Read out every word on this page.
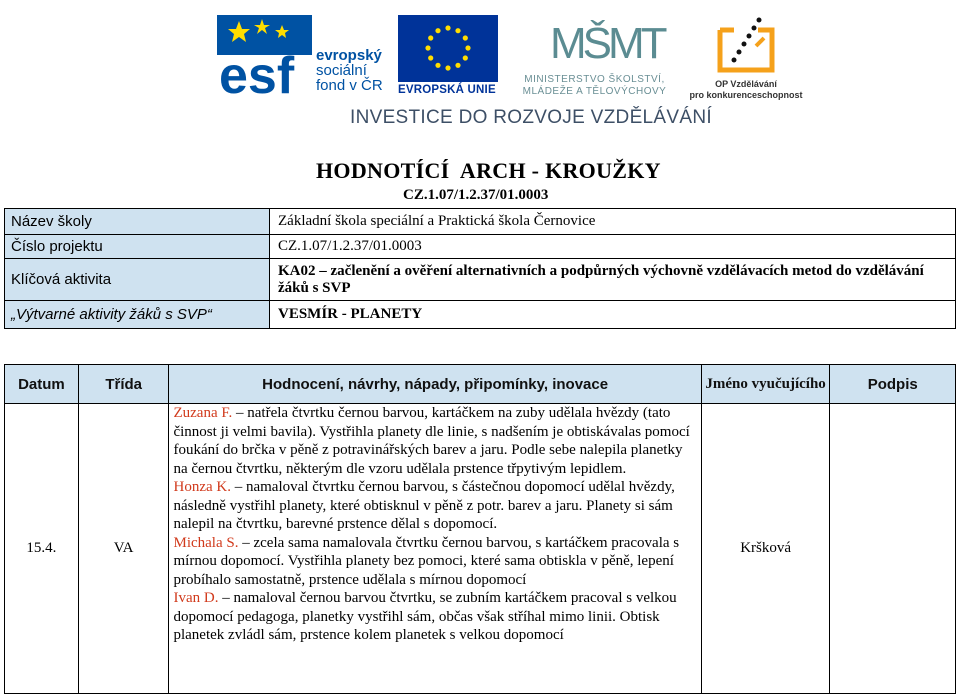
esf evropský
sociální
fond v ČR EVROPSKÁ UNIE
MŠMT
MINISTERSTVO ŠKOLSTVÍ,
MLÁDEŽE A TĚLOVÝCHOVY
OP Vzdělávání
pro konkurenceschopnost
INVESTICE DO ROZVOJE VZDĚLÁVÁNÍ
HODNOTÍCÍ  ARCH - KROUŽKY
CZ.1.07/1.2.37/01.0003
Název školy	Základní škola speciální a Praktická škola Černovice
Číslo projektu	CZ.1.07/1.2.37/01.0003
Klíčová aktivita	KA02 – začlenění a ověření alternativních a podpůrných výchovně vzdělávacích metod do vzdělávání žáků s SVP
„Výtvarné aktivity žáků s SVP“	VESMÍR - PLANETY
Datum	Třída	Hodnocení, návrhy, nápady, připomínky, inovace	Jméno vyučujícího	Podpis
15.4.	VA	Zuzana F. – natřela čtvrtku černou barvou, kartáčkem na zuby udělala hvězdy (tato činnost ji velmi bavila). Vystřihla planety dle linie, s nadšením je obtiskávalas pomocí foukání do brčka v pěně z potravinářských barev a jaru. Podle sebe nalepila planetky na černou čtvrtku, některým dle vzoru udělala prstence třpytivým lepidlem.
Honza K. – namaloval čtvrtku černou barvou, s částečnou dopomocí udělal hvězdy, následně vystřihl planety, které obtisknul v pěně z potr. barev a jaru. Planety si sám nalepil na čtvrtku, barevné prstence dělal s dopomocí.
Michala S. – zcela sama namalovala čtvrtku černou barvou, s kartáčkem pracovala s mírnou dopomocí. Vystřihla planety bez pomoci, které sama obtiskla v pěně, lepení probíhalo samostatně, prstence udělala s mírnou dopomocí
Ivan D. – namaloval černou barvou čtvrtku, se zubním kartáčkem pracoval s velkou dopomocí pedagoga, planetky vystřihl sám, občas však stříhal mimo linii. Obtisk planetek zvládl sám, prstence kolem planetek s velkou dopomocí	Kršková	
